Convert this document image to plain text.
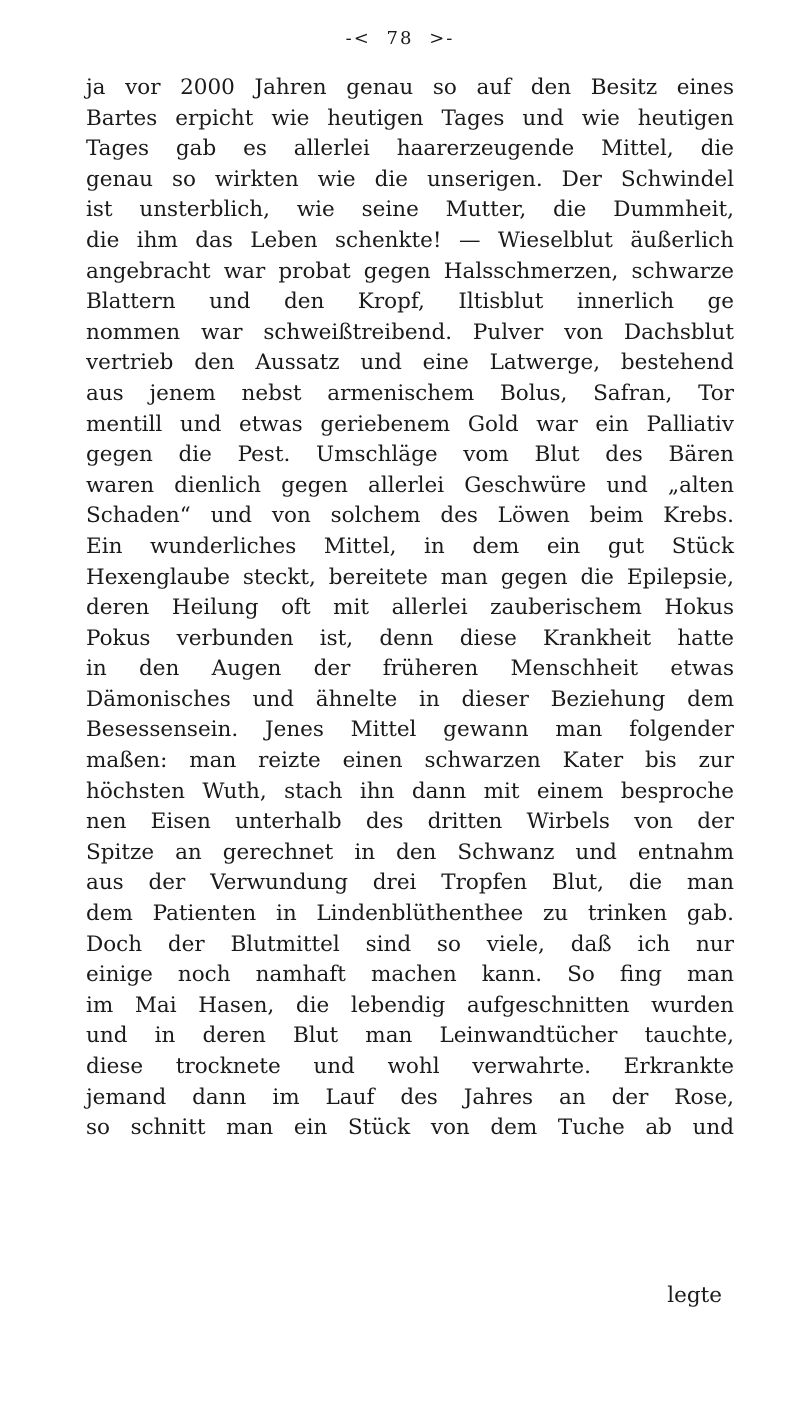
-< 78 >-
ja vor 2000 Jahren genau so auf den Besitz eines
Bartes erpicht wie heutigen Tages und wie heutigen
Tages gab es allerlei haarerzeugende Mittel, die
genau so wirkten wie die unserigen. Der Schwindel
ist unsterblich, wie seine Mutter, die Dummheit,
die ihm das Leben schenkte! — Wieselblut äußerlich
angebracht war probat gegen Halsschmerzen, schwarze
Blattern und den Kropf, Iltisblut innerlich ge
nommen war schweißtreibend. Pulver von Dachsblut
vertrieb den Aussatz und eine Latwerge, bestehend
aus jenem nebst armenischem Bolus, Safran, Tor
mentill und etwas geriebenem Gold war ein Palliativ
gegen die Pest. Umschläge vom Blut des Bären
waren dienlich gegen allerlei Geschwüre und „alten
Schaden“ und von solchem des Löwen beim Krebs.
Ein wunderliches Mittel, in dem ein gut Stück
Hexenglaube steckt, bereitete man gegen die Epilepsie,
deren Heilung oft mit allerlei zauberischem Hokus
Pokus verbunden ist, denn diese Krankheit hatte
in den Augen der früheren Menschheit etwas
Dämonisches und ähnelte in dieser Beziehung dem
Besessensein. Jenes Mittel gewann man folgender
maßen: man reizte einen schwarzen Kater bis zur
höchsten Wuth, stach ihn dann mit einem besproche
nen Eisen unterhalb des dritten Wirbels von der
Spitze an gerechnet in den Schwanz und entnahm
aus der Verwundung drei Tropfen Blut, die man
dem Patienten in Lindenblüthenthee zu trinken gab.
Doch der Blutmittel sind so viele, daß ich nur
einige noch namhaft machen kann. So fing man
im Mai Hasen, die lebendig aufgeschnitten wurden
und in deren Blut man Leinwandtücher tauchte,
diese trocknete und wohl verwahrte. Erkrankte
jemand dann im Lauf des Jahres an der Rose,
so schnitt man ein Stück von dem Tuche ab und
legte
